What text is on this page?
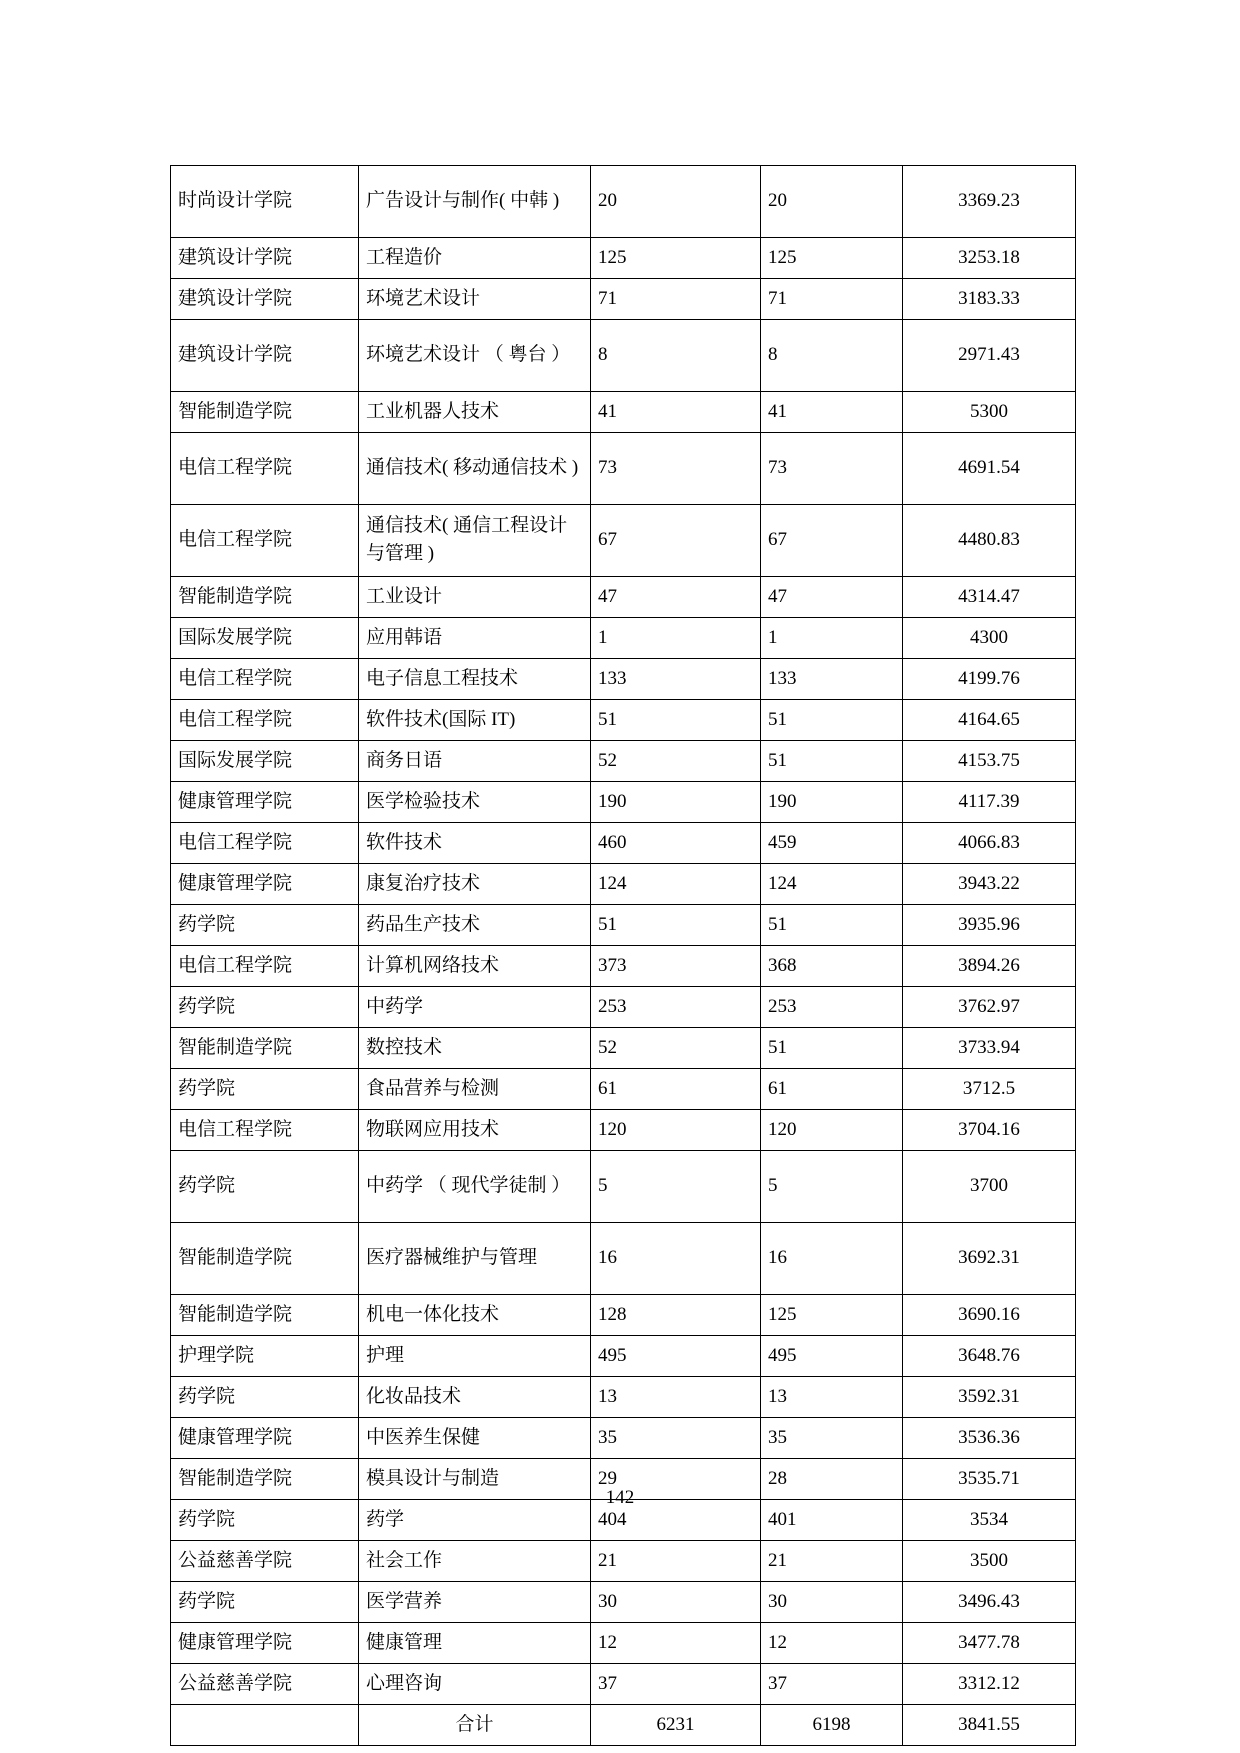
时尚设计学院	广告设计与制作( 中韩 )	20	20	3369.23
建筑设计学院	工程造价	125	125	3253.18
建筑设计学院	环境艺术设计	71	71	3183.33
建筑设计学院	环境艺术设计 （ 粤台 ）	8	8	2971.43
智能制造学院	工业机器人技术	41	41	5300
电信工程学院	通信技术( 移动通信技术 )	73	73	4691.54
电信工程学院	通信技术( 通信工程设计与管理 )	67	67	4480.83
智能制造学院	工业设计	47	47	4314.47
国际发展学院	应用韩语	1	1	4300
电信工程学院	电子信息工程技术	133	133	4199.76
电信工程学院	软件技术(国际 IT)	51	51	4164.65
国际发展学院	商务日语	52	51	4153.75
健康管理学院	医学检验技术	190	190	4117.39
电信工程学院	软件技术	460	459	4066.83
健康管理学院	康复治疗技术	124	124	3943.22
药学院	药品生产技术	51	51	3935.96
电信工程学院	计算机网络技术	373	368	3894.26
药学院	中药学	253	253	3762.97
智能制造学院	数控技术	52	51	3733.94
药学院	食品营养与检测	61	61	3712.5
电信工程学院	物联网应用技术	120	120	3704.16
药学院	中药学 （ 现代学徒制 ）	5	5	3700
智能制造学院	医疗器械维护与管理	16	16	3692.31
智能制造学院	机电一体化技术	128	125	3690.16
护理学院	护理	495	495	3648.76
药学院	化妆品技术	13	13	3592.31
健康管理学院	中医养生保健	35	35	3536.36
智能制造学院	模具设计与制造	29	28	3535.71
药学院	药学	404	401	3534
公益慈善学院	社会工作	21	21	3500
药学院	医学营养	30	30	3496.43
健康管理学院	健康管理	12	12	3477.78
公益慈善学院	心理咨询	37	37	3312.12
	合计	6231	6198	3841.55
142
